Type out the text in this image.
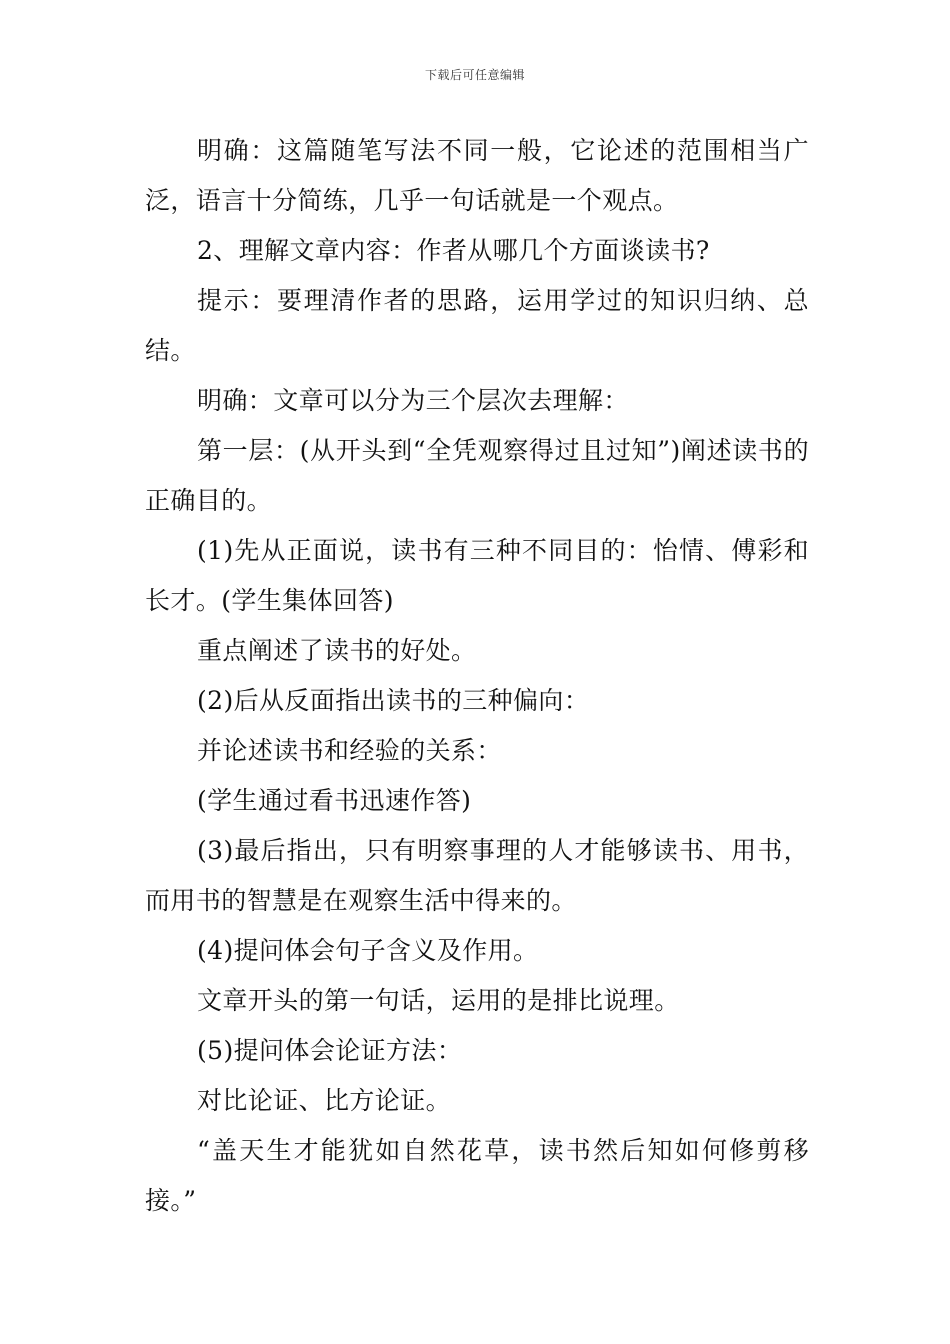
下载后可任意编辑

明确：这篇随笔写法不同一般，它论述的范围相当广泛，语言十分简练，几乎一句话就是一个观点。

2、理解文章内容：作者从哪几个方面谈读书?

提示：要理清作者的思路，运用学过的知识归纳、总结。

明确：文章可以分为三个层次去理解：

第一层：(从开头到“全凭观察得过且过知”)阐述读书的正确目的。

(1)先从正面说，读书有三种不同目的：怡情、傅彩和长才。(学生集体回答)

重点阐述了读书的好处。

(2)后从反面指出读书的三种偏向：

并论述读书和经验的关系：

(学生通过看书迅速作答)

(3)最后指出，只有明察事理的人才能够读书、用书，而用书的智慧是在观察生活中得来的。

(4)提问体会句子含义及作用。

文章开头的第一句话，运用的是排比说理。

(5)提问体会论证方法：

对比论证、比方论证。

“盖天生才能犹如自然花草，读书然后知如何修剪移接。”
